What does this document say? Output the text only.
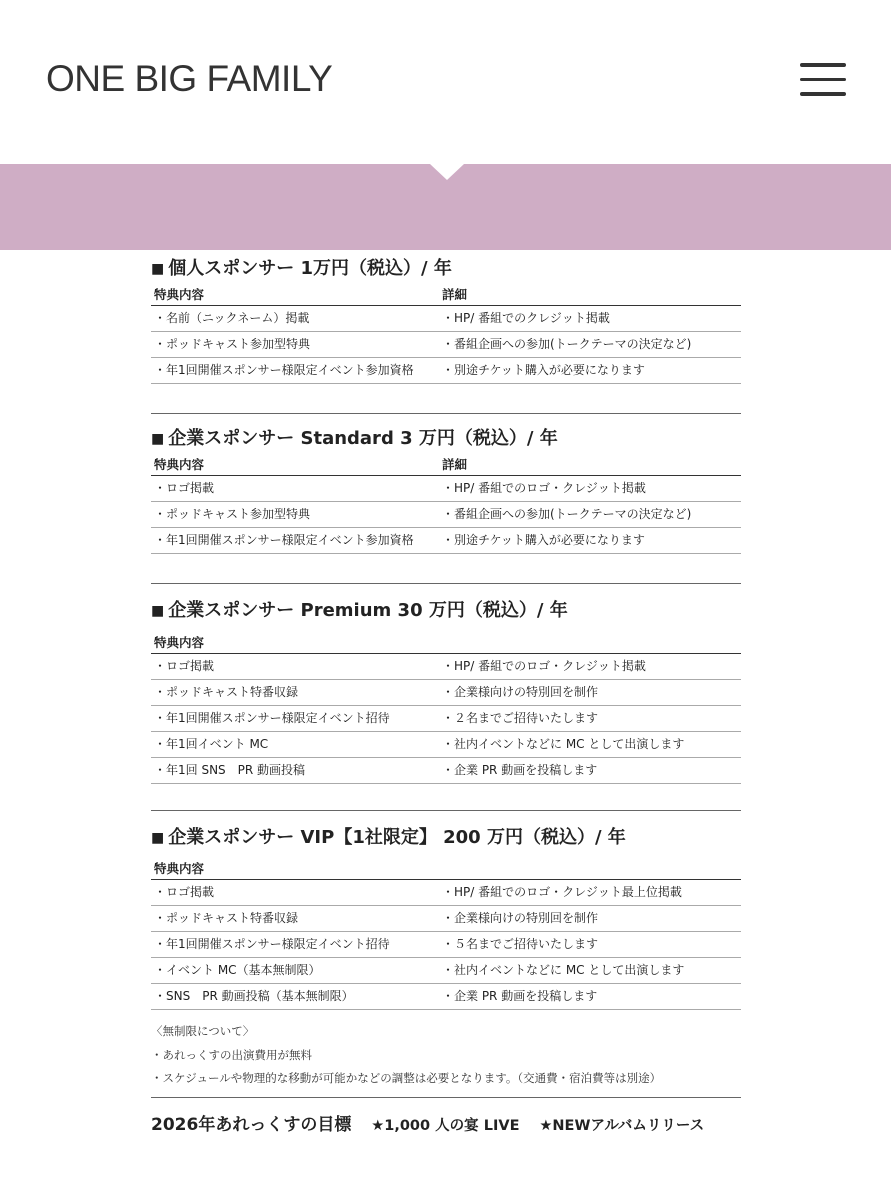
ONE BIG FAMILY
■ 個人スポンサー 1万円（税込）/ 年
特典内容	詳細
・名前（ニックネーム）掲載	・HP/ 番組でのクレジット掲載
・ポッドキャスト参加型特典	・番組企画への参加(トークテーマの決定など)
・年1回開催スポンサー様限定イベント参加資格	・別途チケット購入が必要になります
■ 企業スポンサー Standard 3 万円（税込）/ 年
特典内容	詳細
・ロゴ掲載	・HP/ 番組でのロゴ・クレジット掲載
・ポッドキャスト参加型特典	・番組企画への参加(トークテーマの決定など)
・年1回開催スポンサー様限定イベント参加資格	・別途チケット購入が必要になります
■ 企業スポンサー Premium 30 万円（税込）/ 年
特典内容
・ロゴ掲載	・HP/ 番組でのロゴ・クレジット掲載
・ポッドキャスト特番収録	・企業様向けの特別回を制作
・年1回開催スポンサー様限定イベント招待	・２名までご招待いたします
・年1回イベント MC	・社内イベントなどに MC として出演します
・年1回 SNS　PR 動画投稿	・企業 PR 動画を投稿します
■ 企業スポンサー VIP【1社限定】 200 万円（税込）/ 年
特典内容
・ロゴ掲載	・HP/ 番組でのロゴ・クレジット最上位掲載
・ポッドキャスト特番収録	・企業様向けの特別回を制作
・年1回開催スポンサー様限定イベント招待	・５名までご招待いたします
・イベント MC（基本無制限）	・社内イベントなどに MC として出演します
・SNS　PR 動画投稿（基本無制限）	・企業 PR 動画を投稿します
〈無制限について〉
・あれっくすの出演費用が無料
・スケジュールや物理的な移動が可能かなどの調整は必要となります。（交通費・宿泊費等は別途）
2026年あれっくすの目標 ★1,000 人の宴 LIVE ★NEWアルバムリリース
